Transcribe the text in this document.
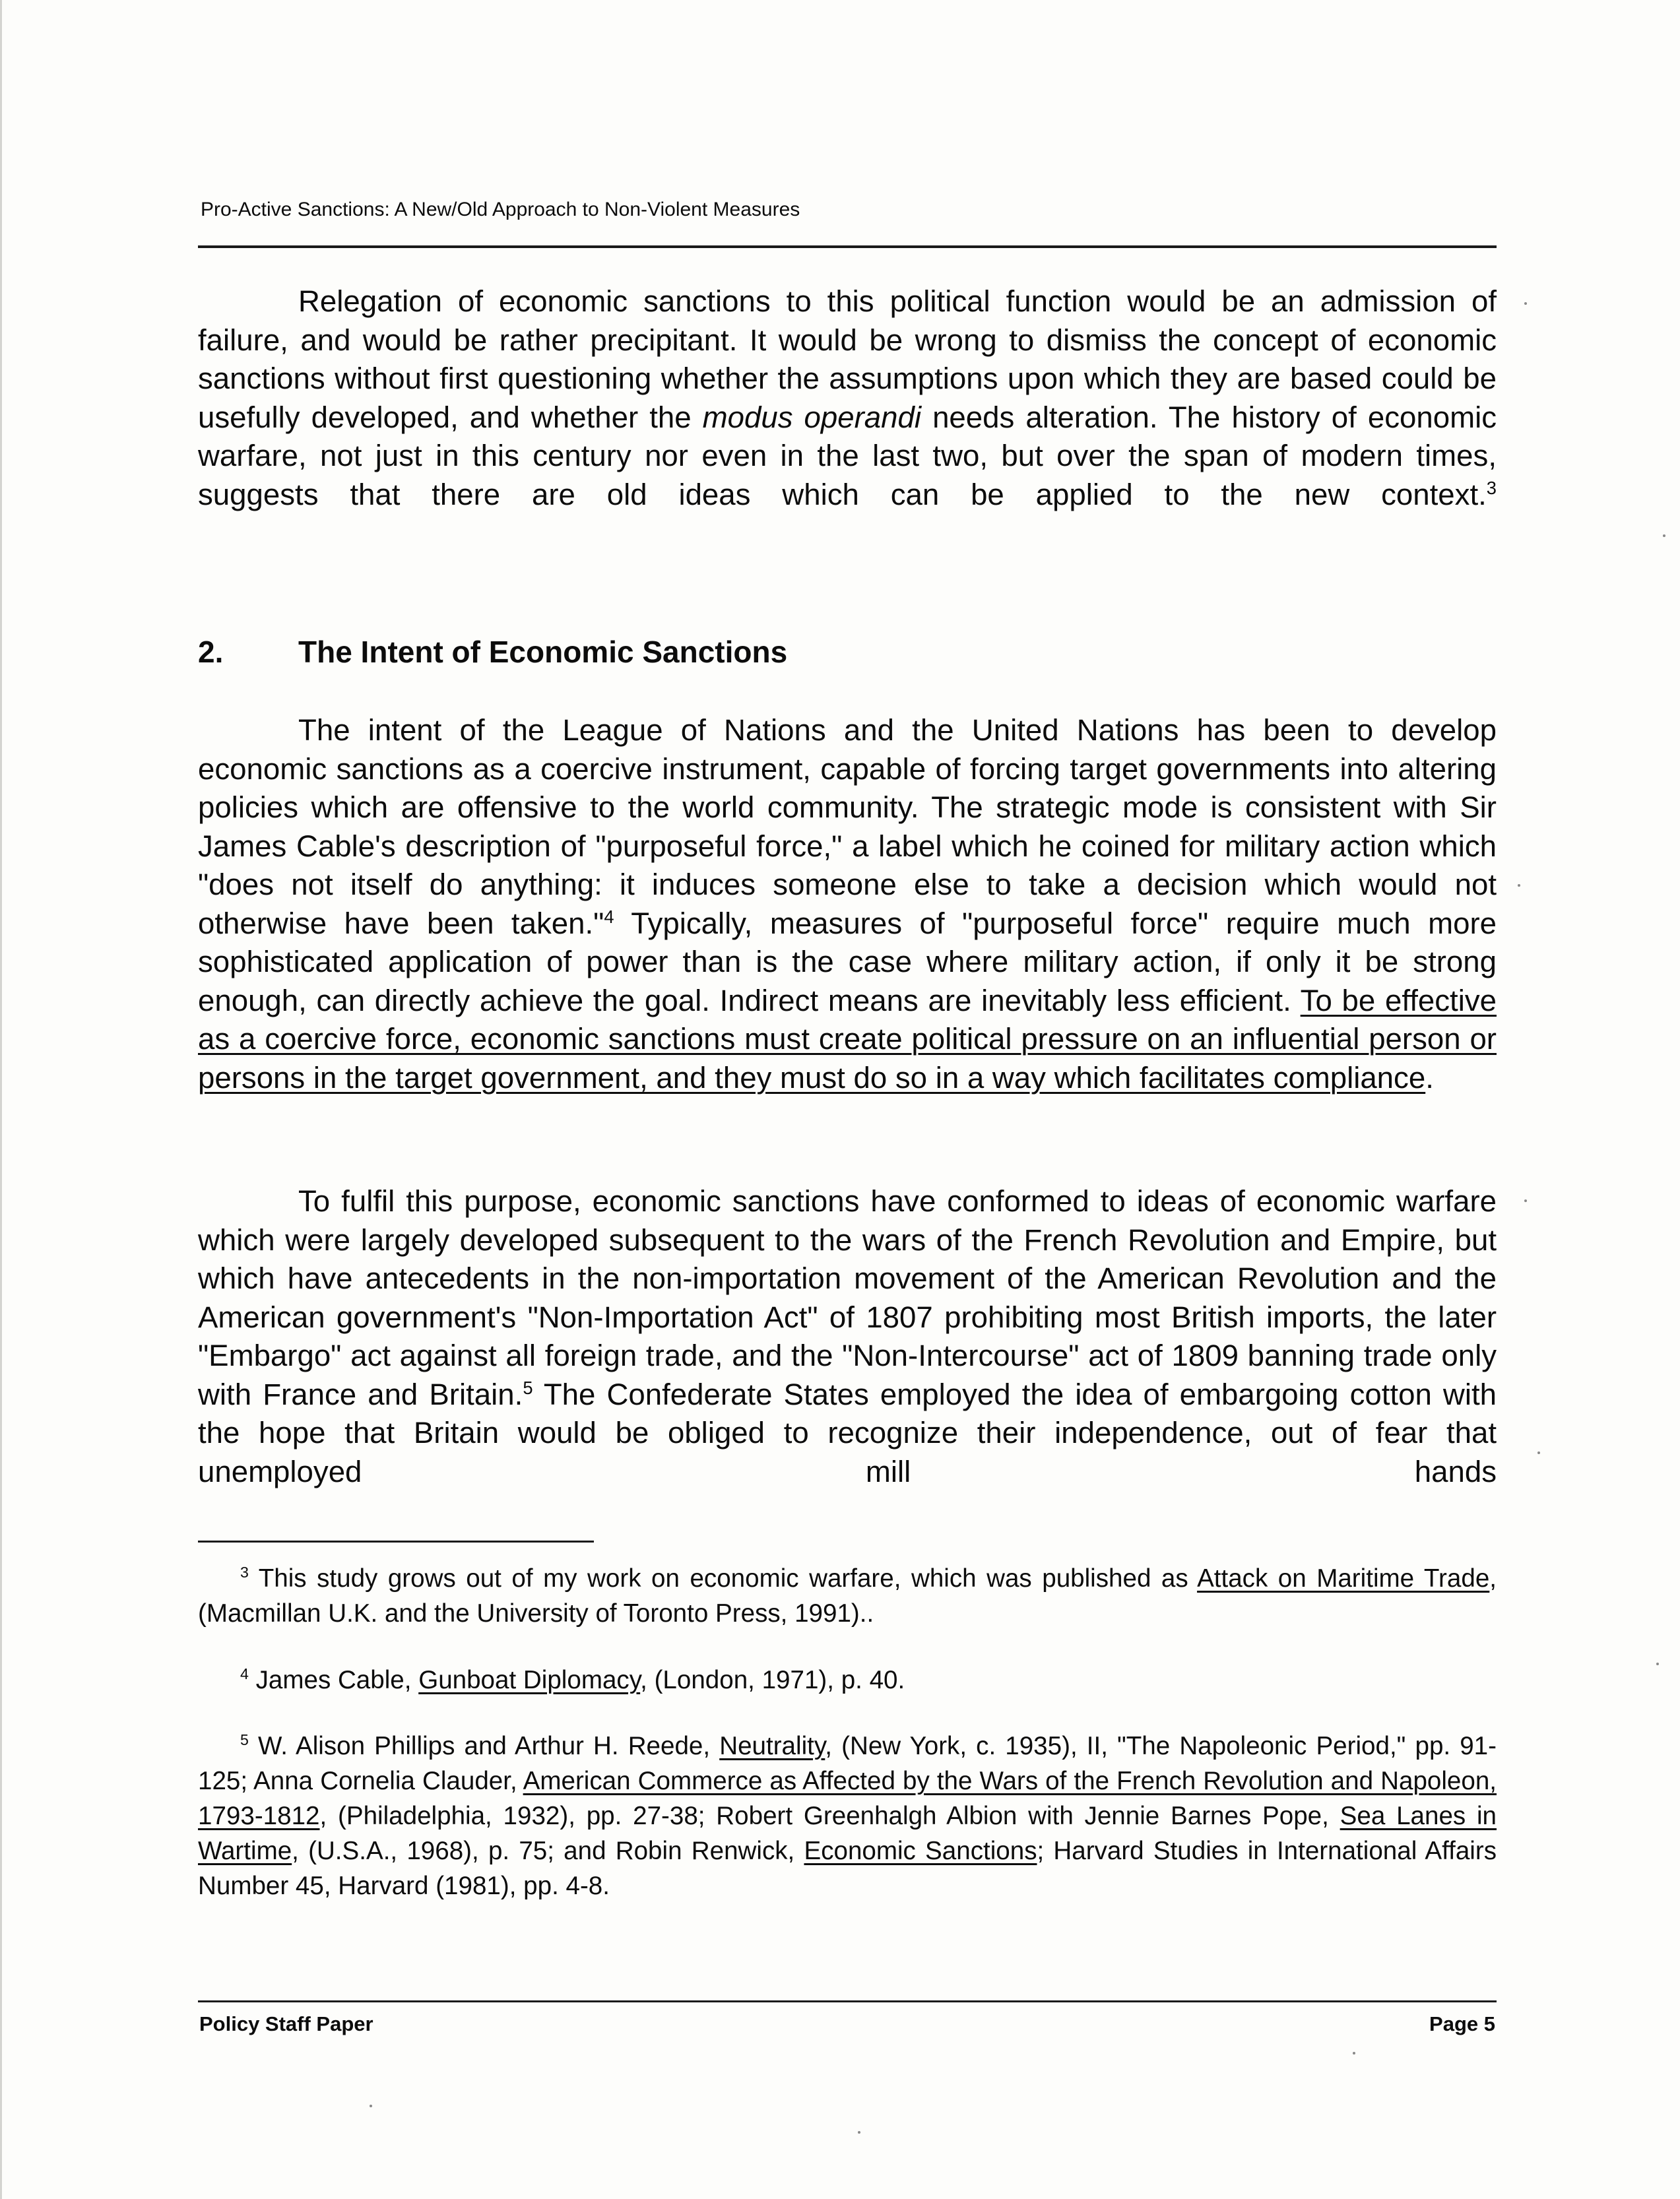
Pro-Active Sanctions: A New/Old Approach to Non-Violent Measures

Relegation of economic sanctions to this political function would be an admission of failure, and would be rather precipitant. It would be wrong to dismiss the concept of economic sanctions without first questioning whether the assumptions upon which they are based could be usefully developed, and whether the modus operandi needs alteration. The history of economic warfare, not just in this century nor even in the last two, but over the span of modern times, suggests that there are old ideas which can be applied to the new context.$^3$

2. The Intent of Economic Sanctions

The intent of the League of Nations and the United Nations has been to develop economic sanctions as a coercive instrument, capable of forcing target governments into altering policies which are offensive to the world community. The strategic mode is consistent with Sir James Cable's description of "purposeful force," a label which he coined for military action which "does not itself do anything: it induces someone else to take a decision which would not otherwise have been taken."$^4$ Typically, measures of "purposeful force" require much more sophisticated application of power than is the case where military action, if only it be strong enough, can directly achieve the goal. Indirect means are inevitably less efficient. To be effective as a coercive force, economic sanctions must create political pressure on an influential person or persons in the target government, and they must do so in a way which facilitates compliance.

To fulfil this purpose, economic sanctions have conformed to ideas of economic warfare which were largely developed subsequent to the wars of the French Revolution and Empire, but which have antecedents in the non-importation movement of the American Revolution and the American government's "Non-Importation Act" of 1807 prohibiting most British imports, the later "Embargo" act against all foreign trade, and the "Non-Intercourse" act of 1809 banning trade only with France and Britain.$^5$ The Confederate States employed the idea of embargoing cotton with the hope that Britain would be obliged to recognize their independence, out of fear that unemployed mill hands

$^3$ This study grows out of my work on economic warfare, which was published as Attack on Maritime Trade, (Macmillan U.K. and the University of Toronto Press, 1991)..

$^4$ James Cable, Gunboat Diplomacy, (London, 1971), p. 40.

$^5$ W. Alison Phillips and Arthur H. Reede, Neutrality, (New York, c. 1935), II, "The Napoleonic Period," pp. 91-125; Anna Cornelia Clauder, American Commerce as Affected by the Wars of the French Revolution and Napoleon, 1793-1812, (Philadelphia, 1932), pp. 27-38; Robert Greenhalgh Albion with Jennie Barnes Pope, Sea Lanes in Wartime, (U.S.A., 1968), p. 75; and Robin Renwick, Economic Sanctions; Harvard Studies in International Affairs Number 45, Harvard (1981), pp. 4-8.

Policy Staff Paper	Page 5
